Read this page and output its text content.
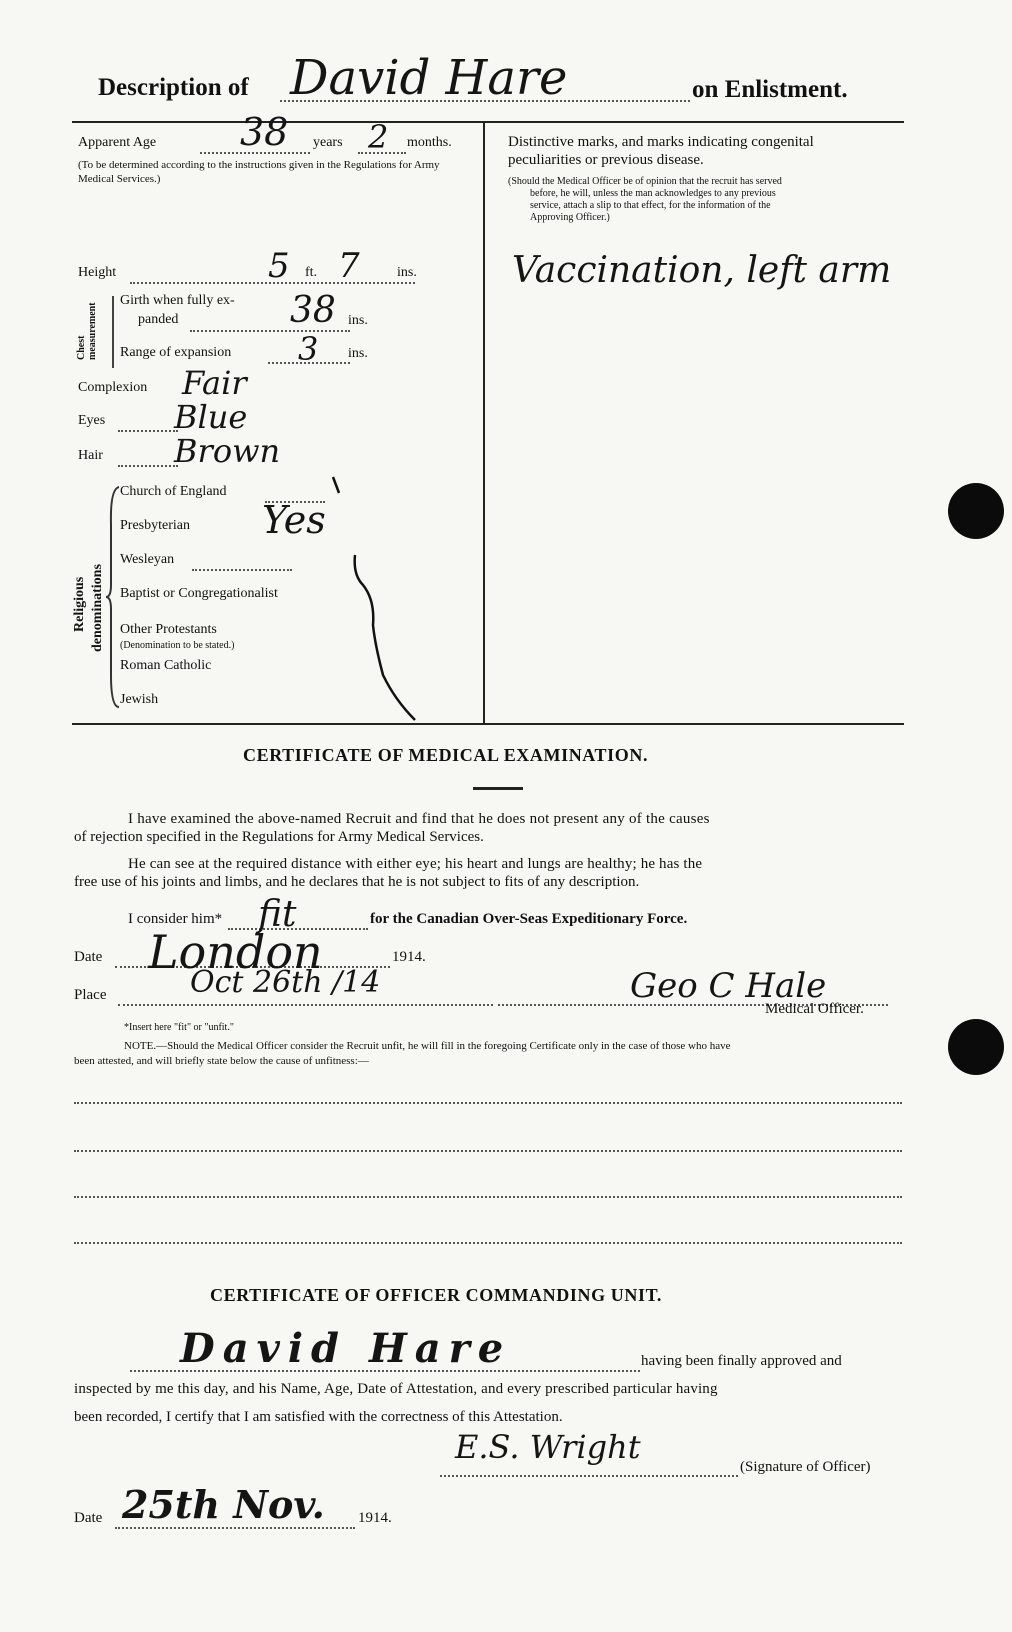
Description of David Hare	on Enlistment.
Apparent Age 38 years 2 months.
(To be determined according to the instructions given in the Regulations for Army Medical Services.)
Height	5 ft. 7	ins.
Chest measurement
Girth when fully ex-
panded	38 ins.
Range of expansion 3 ins.
Complexion Fair
Eyes Blue
Hair Brown
Religious denominations
Church of England
Presbyterian Yes
Wesleyan
Baptist or Congregationalist
Other Protestants
(Denomination to be stated.)
Roman Catholic
Jewish
Distinctive marks, and marks indicating congenital
peculiarities or previous disease.
(Should the Medical Officer be of opinion that the recruit has served
before, he will, unless the man acknowledges to any previous
service, attach a slip to that effect, for the information of the
Approving Officer.)
Vaccination, left arm
CERTIFICATE OF MEDICAL EXAMINATION.
I have examined the above-named Recruit and find that he does not present any of the causes
of rejection specified in the Regulations for Army Medical Services.
He can see at the required distance with either eye; his heart and lungs are healthy; he has the
free use of his joints and limbs, and he declares that he is not subject to fits of any description.
I consider him* fit	for the Canadian Over-Seas Expeditionary Force.
Date London	1914.
Place	Oct 26th /14	Geo C Hale
Medical Officer.
*Insert here "fit" or "unfit."
NOTE.—Should the Medical Officer consider the Recruit unfit, he will fill in the foregoing Certificate only in the case of those who have
been attested, and will briefly state below the cause of unfitness:—
CERTIFICATE OF OFFICER COMMANDING UNIT.
David Hare	having been finally approved and
inspected by me this day, and his Name, Age, Date of Attestation, and every prescribed particular having
been recorded, I certify that I am satisfied with the correctness of this Attestation.
E.S. Wright
(Signature of Officer)
Date 25th Nov. 1914.
